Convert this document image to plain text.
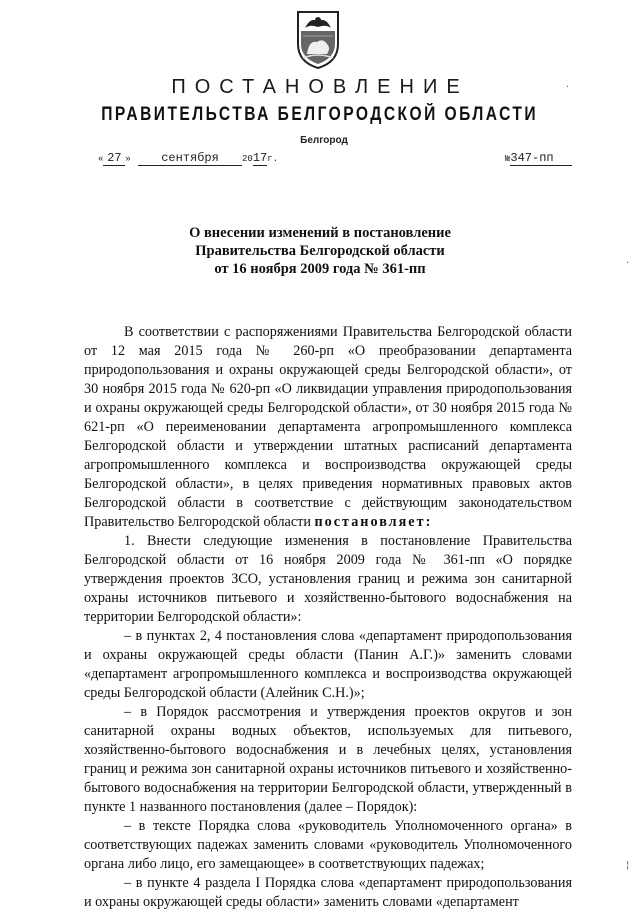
ПОСТАНОВЛЕНИЕ
ПРАВИТЕЛЬСТВА БЕЛГОРОДСКОЙ ОБЛАСТИ
Белгород
« 27 »	сентября	2017г.	№347-пп
О внесении изменений в постановление
Правительства Белгородской области
от 16 ноября 2009 года № 361-пп

В соответствии с распоряжениями Правительства Белгородской области от 12 мая 2015 года № 260-рп «О преобразовании департамента природопользования и охраны окружающей среды Белгородской области», от 30 ноября 2015 года № 620-рп «О ликвидации управления природопользования и охраны окружающей среды Белгородской области», от 30 ноября 2015 года № 621-рп «О переименовании департамента агропромышленного комплекса Белгородской области и утверждении штатных расписаний департамента агропромышленного комплекса и воспроизводства окружающей среды Белгородской области», в целях приведения нормативных правовых актов Белгородской области в соответствие с действующим законодательством Правительство Белгородской области постановляет:

1. Внести следующие изменения в постановление Правительства Белгородской области от 16 ноября 2009 года № 361-пп «О порядке утверждения проектов ЗСО, установления границ и режима зон санитарной охраны источников питьевого и хозяйственно-бытового водоснабжения на территории Белгородской области»:

– в пунктах 2, 4 постановления слова «департамент природопользования и охраны окружающей среды области (Панин А.Г.)» заменить словами «департамент агропромышленного комплекса и воспроизводства окружающей среды Белгородской области (Алейник С.Н.)»;

– в Порядок рассмотрения и утверждения проектов округов и зон санитарной охраны водных объектов, используемых для питьевого, хозяйственно-бытового водоснабжения и в лечебных целях, установления границ и режима зон санитарной охраны источников питьевого и хозяйственно-бытового водоснабжения на территории Белгородской области, утвержденный в пункте 1 названного постановления (далее – Порядок):

– в тексте Порядка слова «руководитель Уполномоченного органа» в соответствующих падежах заменить словами «руководитель Уполномоченного органа либо лицо, его замещающее» в соответствующих падежах;

– в пункте 4 раздела I Порядка слова «департамент природопользования и охраны окружающей среды области» заменить словами «департамент

·
·
¦
